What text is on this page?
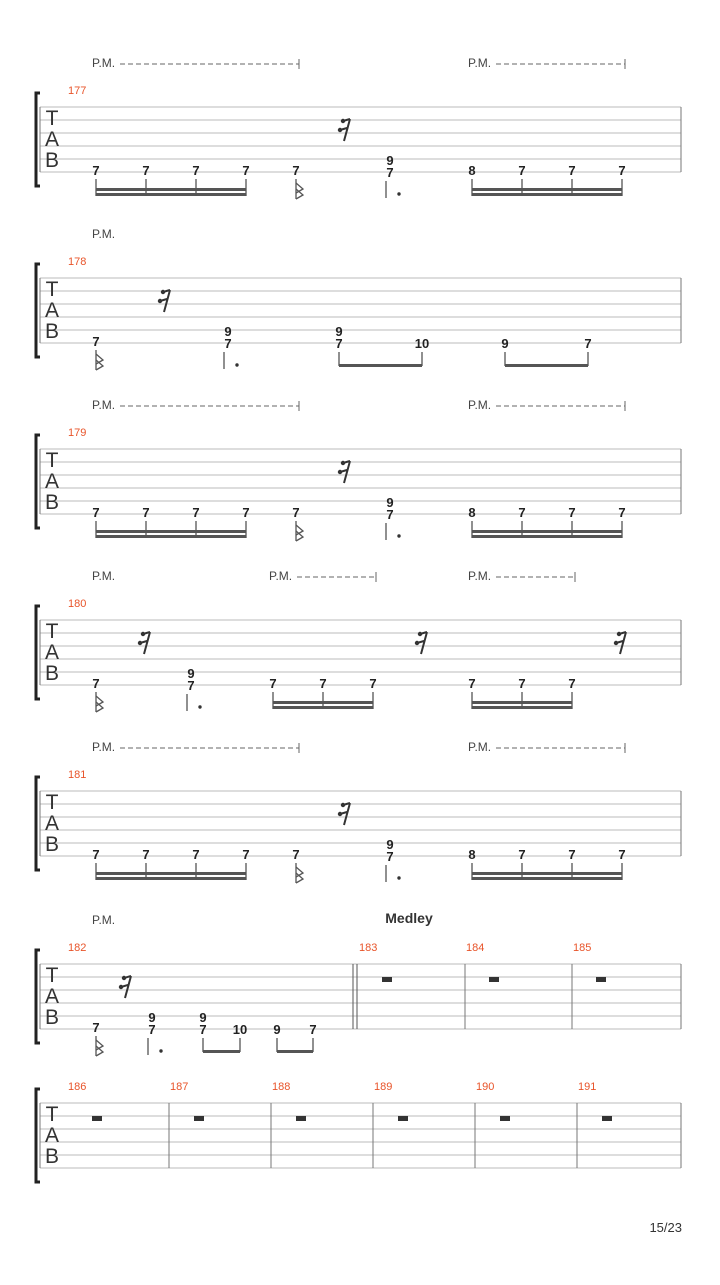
T
A
B
P.M.	P.M.
177
7	7	7	7	7
9
7	8	7	7	7
T
A
B
P.M.	P.M.
179
7	7	7	7	7
9
7	8	7	7	7
T
A
B
P.M.	P.M.
181
7	7	7	7	7
9
7	8	7	7	7
T
A
B
P.M.
178
7
9
7
9
7	10	9	7
T
A
B
P.M.	P.M.	P.M.
180
7
9
7	7	7	7	7	7	7
T
A
B
P.M.	Medley
182	183	184	185
7
9
7
9
7 10 9 7
T
A
B
186	187	188	189	190	191
15/23
